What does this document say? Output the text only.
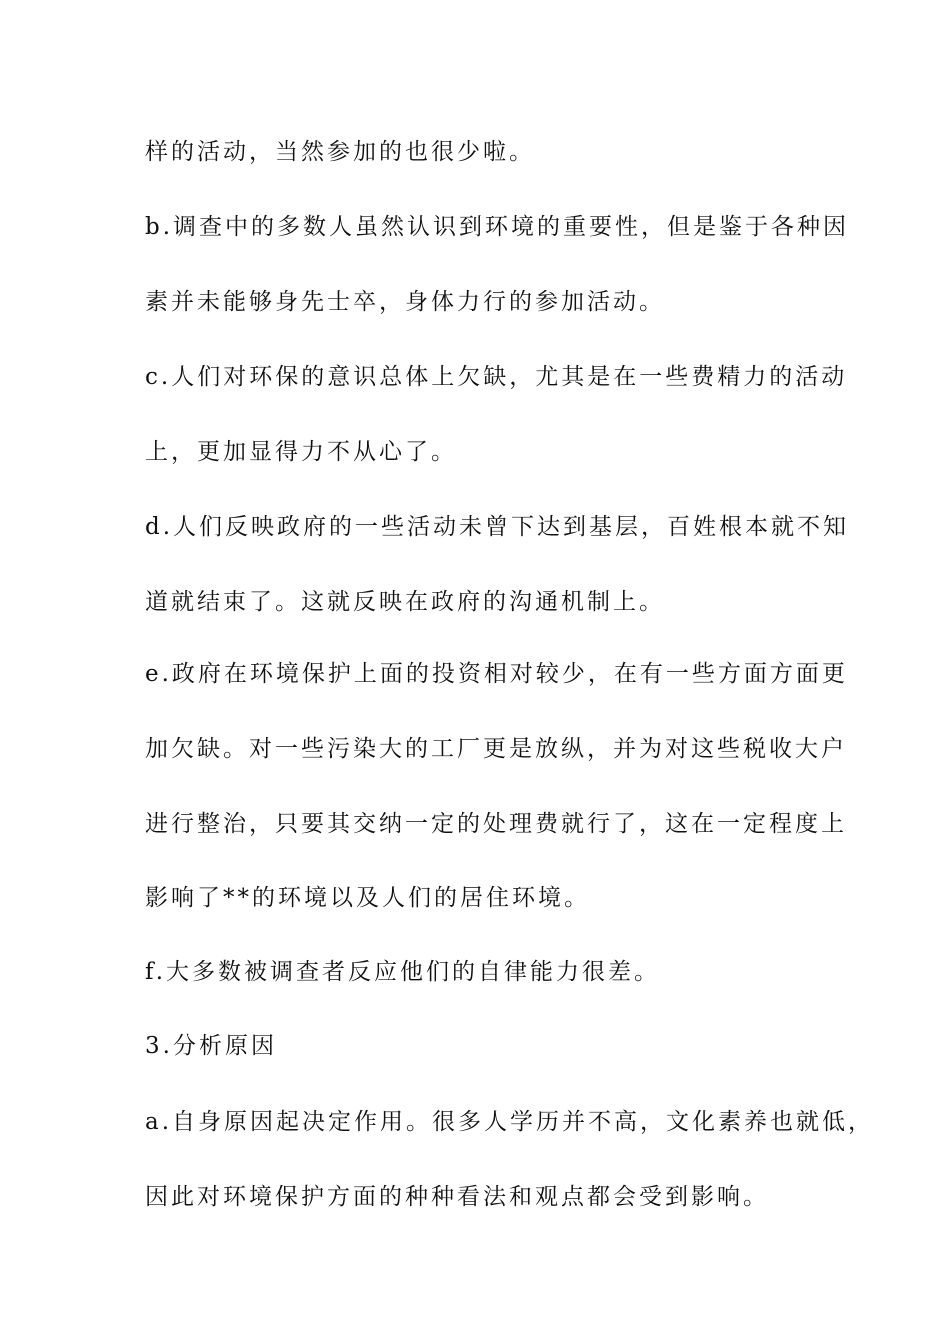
样的活动，当然参加的也很少啦。
b.调查中的多数人虽然认识到环境的重要性，但是鉴于各种因
素并未能够身先士卒，身体力行的参加活动。
c.人们对环保的意识总体上欠缺，尤其是在一些费精力的活动
上，更加显得力不从心了。
d.人们反映政府的一些活动未曾下达到基层，百姓根本就不知
道就结束了。这就反映在政府的沟通机制上。
e.政府在环境保护上面的投资相对较少，在有一些方面方面更
加欠缺。对一些污染大的工厂更是放纵，并为对这些税收大户
进行整治，只要其交纳一定的处理费就行了，这在一定程度上
影响了**的环境以及人们的居住环境。
f.大多数被调查者反应他们的自律能力很差。
3.分析原因
a.自身原因起决定作用。很多人学历并不高，文化素养也就低，
因此对环境保护方面的种种看法和观点都会受到影响。
